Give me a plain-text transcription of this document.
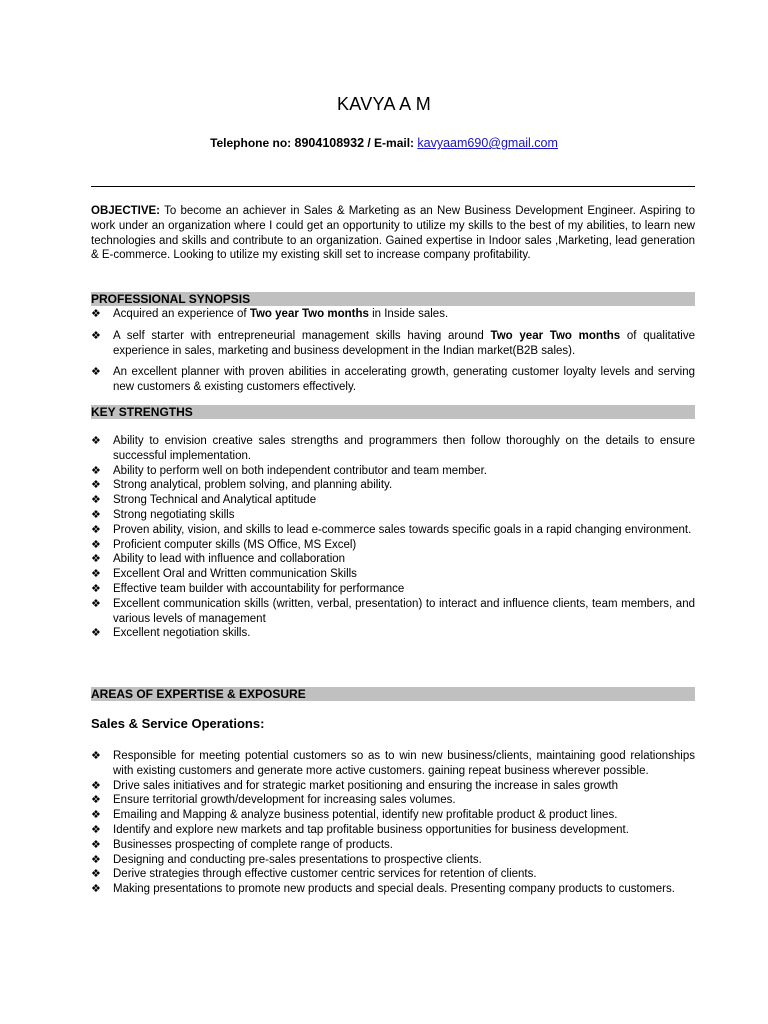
KAVYA A M
Telephone no: 8904108932 / E-mail: kavyaam690@gmail.com
OBJECTIVE: To become an achiever in Sales & Marketing as an New Business Development Engineer. Aspiring to work under an organization where I could get an opportunity to utilize my skills to the best of my abilities, to learn new technologies and skills and contribute to an organization. Gained expertise in Indoor sales ,Marketing, lead generation & E-commerce. Looking to utilize my existing skill set to increase company profitability.
PROFESSIONAL SYNOPSIS
❖	Acquired an experience of Two year Two months in Inside sales.
❖	A self starter with entrepreneurial management skills having around Two year Two months of qualitative experience in sales, marketing and business development in the Indian market(B2B sales).
❖	An excellent planner with proven abilities in accelerating growth, generating customer loyalty levels and serving new customers & existing customers effectively.
KEY STRENGTHS
❖	Ability to envision creative sales strengths and programmers then follow thoroughly on the details to ensure successful implementation.
❖	Ability to perform well on both independent contributor and team member.
❖	Strong analytical, problem solving, and planning ability.
❖	Strong Technical and Analytical aptitude
❖	Strong negotiating skills
❖	Proven ability, vision, and skills to lead e-commerce sales towards specific goals in a rapid changing environment.
❖	Proficient computer skills (MS Office, MS Excel)
❖	Ability to lead with influence and collaboration
❖	Excellent Oral and Written communication Skills
❖	Effective team builder with accountability for performance
❖	Excellent communication skills (written, verbal, presentation) to interact and influence clients, team members, and various levels of management
❖	Excellent negotiation skills.
AREAS OF EXPERTISE & EXPOSURE
Sales & Service Operations:
❖	Responsible for meeting potential customers so as to win new business/clients, maintaining good relationships with existing customers and generate more active customers. gaining repeat business wherever possible.
❖	Drive sales initiatives and for strategic market positioning and ensuring the increase in sales growth
❖	Ensure territorial growth/development for increasing sales volumes.
❖	Emailing and Mapping & analyze business potential, identify new profitable product & product lines.
❖	Identify and explore new markets and tap profitable business opportunities for business development.
❖	Businesses prospecting of complete range of products.
❖	Designing and conducting pre-sales presentations to prospective clients.
❖	Derive strategies through effective customer centric services for retention of clients.
❖	Making presentations to promote new products and special deals. Presenting company products to customers.
